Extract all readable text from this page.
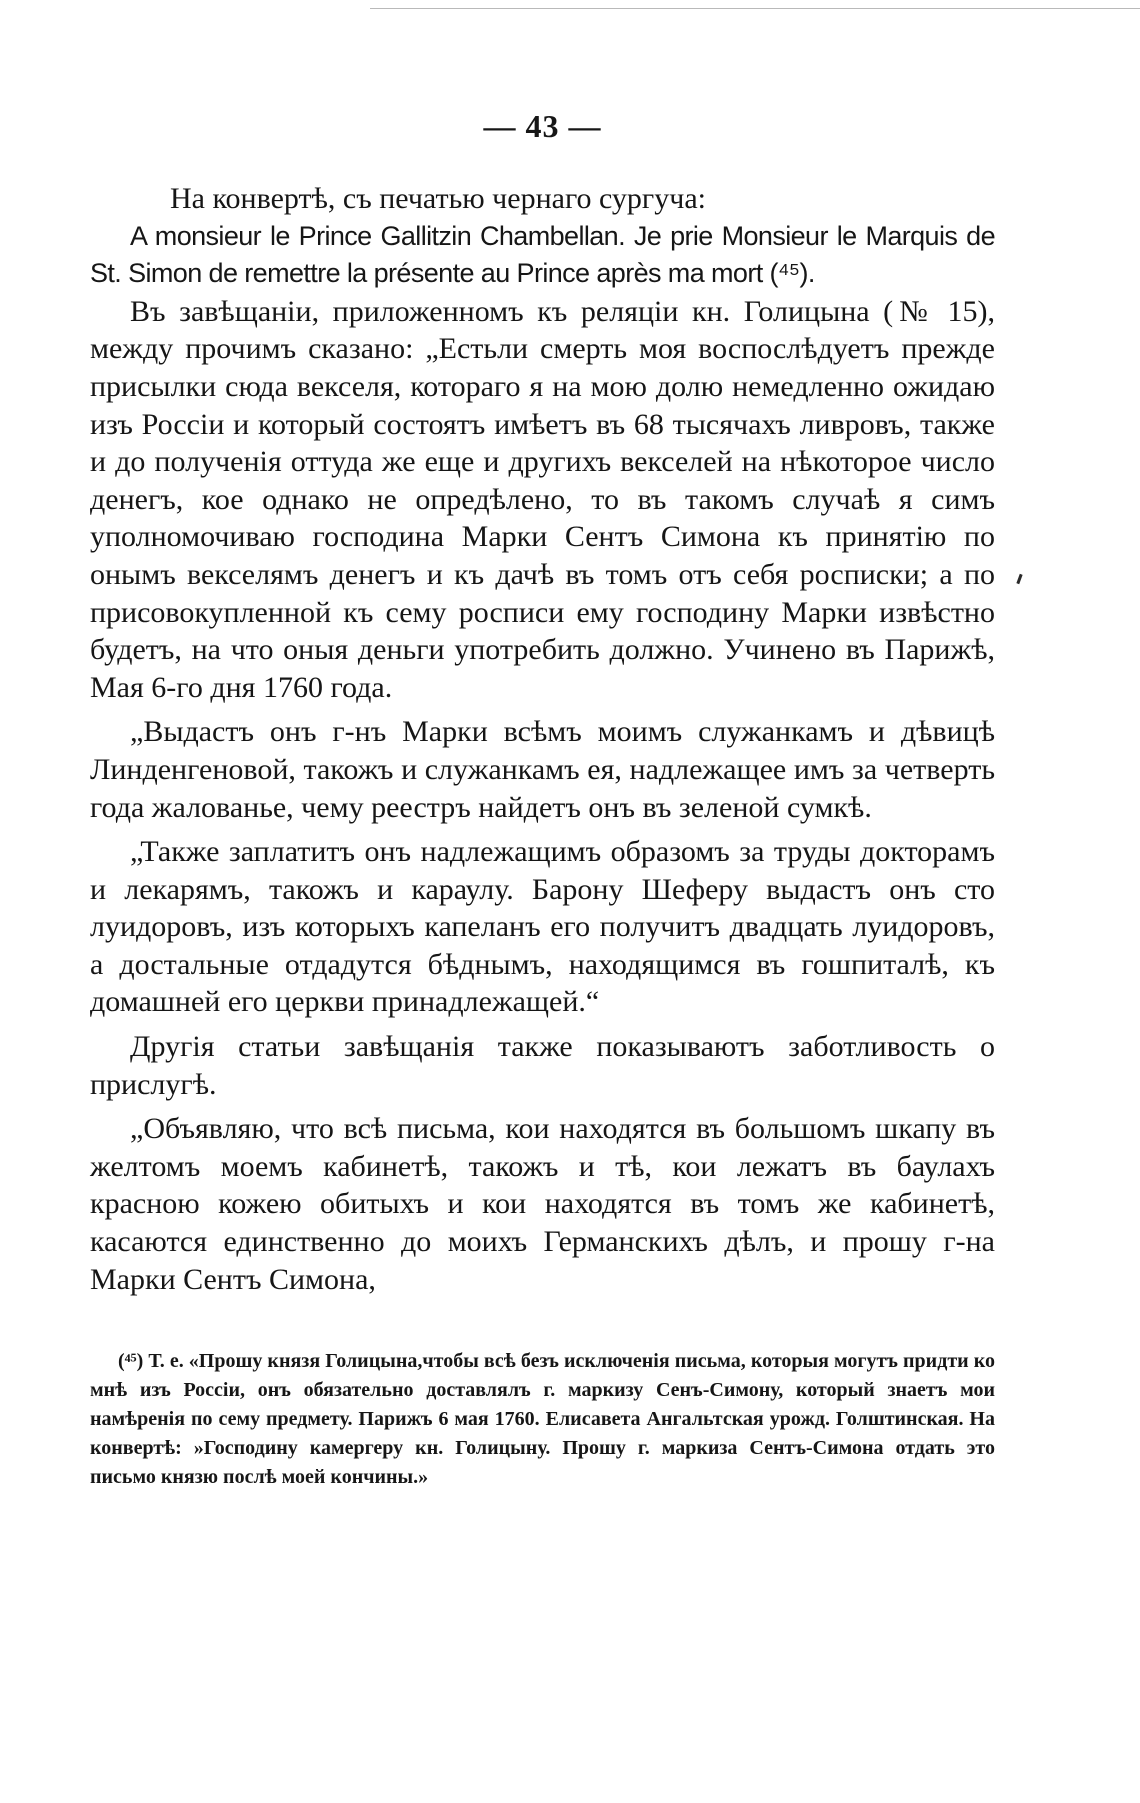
— 43 —

На конвертѣ, съ печатью чернаго сургуча:

A monsieur le Prince Gallitzin Chambellan. Je prie Monsieur le Marquis de St. Simon de remettre la présente au Prince après ma mort (⁴⁵).

Въ завѣщаніи, приложенномъ къ реляціи кн. Голицына (№ 15), между прочимъ сказано: „Естьли смерть моя воспослѣдуетъ прежде присылки сюда векселя, котораго я на мою долю немедленно ожидаю изъ Россіи и который состоятъ имѣетъ въ 68 тысячахъ ливровъ, также и до полученія оттуда же еще и другихъ векселей на нѣкоторое число денегъ, кое однако не опредѣлено, то въ такомъ случаѣ я симъ уполномочиваю господина Марки Сентъ Симона къ принятію по онымъ векселямъ денегъ и къ дачѣ въ томъ отъ себя росписки; а по присовокупленной къ сему росписи ему господину Марки извѣстно будетъ, на что оныя деньги употребить должно. Учинено въ Парижѣ, Мая 6-го дня 1760 года.

„Выдастъ онъ г-нъ Марки всѣмъ моимъ служанкамъ и дѣвицѣ Линденгеновой, такожъ и служанкамъ ея, надлежащее имъ за четверть года жалованье, чему реестръ найдетъ онъ въ зеленой сумкѣ.

„Также заплатитъ онъ надлежащимъ образомъ за труды докторамъ и лекарямъ, такожъ и караулу. Барону Шеферу выдастъ онъ сто луидоровъ, изъ которыхъ капеланъ его получитъ двадцать луидоровъ, а достальные отдадутся бѣднымъ, находящимся въ гошпиталѣ, къ домашней его церкви принадлежащей.“

Другія статьи завѣщанія также показываютъ заботливость о прислугѣ.

„Объявляю, что всѣ письма, кои находятся въ большомъ шкапу въ желтомъ моемъ кабинетѣ, такожъ и тѣ, кои лежатъ въ баулахъ красною кожею обитыхъ и кои находятся въ томъ же кабинетѣ, касаются единственно до моихъ Германскихъ дѣлъ, и прошу г-на Марки Сентъ Симона,

(⁴⁵) Т. е. «Прошу князя Голицына,чтобы всѣ безъ исключенія письма, которыя могутъ придти ко мнѣ изъ Россіи, онъ обязательно доставлялъ г. маркизу Сенъ-Симону, который знаетъ мои намѣренія по сему предмету. Парижъ 6 мая 1760. Елисавета Ангальтская урожд. Голштинская. На конвертѣ: »Господину камергеру кн. Голицыну. Прошу г. маркиза Сентъ-Симона отдать это письмо князю послѣ моей кончины.»
